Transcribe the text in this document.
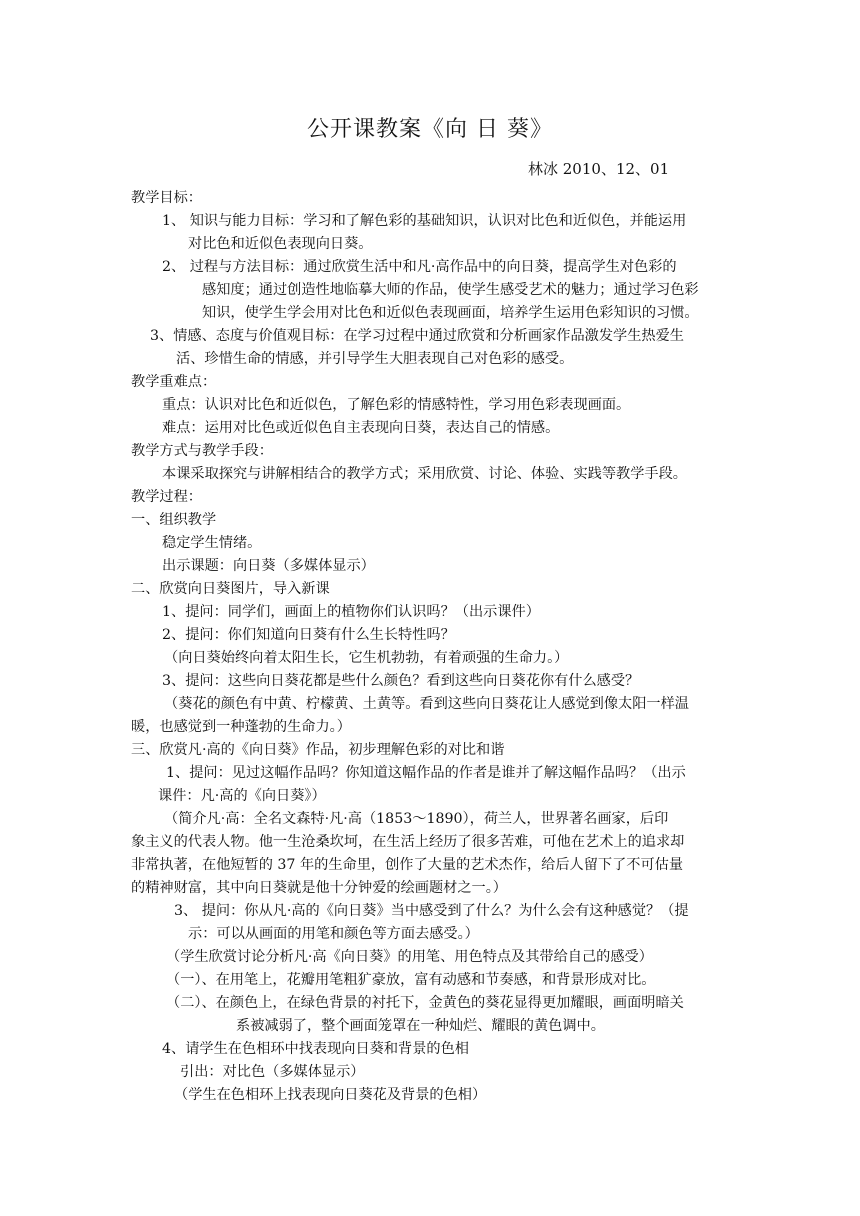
公开课教案《向 日 葵》
林冰 2010、12、01
教学目标：
1、 知识与能力目标：学习和了解色彩的基础知识，认识对比色和近似色，并能运用
对比色和近似色表现向日葵。
2、 过程与方法目标：通过欣赏生活中和凡·高作品中的向日葵，提高学生对色彩的
感知度；通过创造性地临摹大师的作品，使学生感受艺术的魅力；通过学习色彩
知识，使学生学会用对比色和近似色表现画面，培养学生运用色彩知识的习惯。
3、情感、态度与价值观目标：在学习过程中通过欣赏和分析画家作品激发学生热爱生
活、珍惜生命的情感，并引导学生大胆表现自己对色彩的感受。
教学重难点：
重点：认识对比色和近似色，了解色彩的情感特性，学习用色彩表现画面。
难点：运用对比色或近似色自主表现向日葵，表达自己的情感。
教学方式与教学手段：
本课采取探究与讲解相结合的教学方式；采用欣赏、讨论、体验、实践等教学手段。
教学过程：
一、组织教学
稳定学生情绪。
出示课题：向日葵（多媒体显示）
二、欣赏向日葵图片，导入新课
1、提问：同学们，画面上的植物你们认识吗？（出示课件）
2、提问：你们知道向日葵有什么生长特性吗？
（向日葵始终向着太阳生长，它生机勃勃，有着顽强的生命力。）
3、提问：这些向日葵花都是些什么颜色？看到这些向日葵花你有什么感受？
（葵花的颜色有中黄、柠檬黄、土黄等。看到这些向日葵花让人感觉到像太阳一样温
暖，也感觉到一种蓬勃的生命力。）
三、欣赏凡·高的《向日葵》作品，初步理解色彩的对比和谐
1、提问：见过这幅作品吗？你知道这幅作品的作者是谁并了解这幅作品吗？（出示
课件：凡·高的《向日葵》）
（简介凡·高：全名文森特·凡·高（1853～1890），荷兰人，世界著名画家，后印
象主义的代表人物。他一生沧桑坎坷，在生活上经历了很多苦难，可他在艺术上的追求却
非常执著，在他短暂的 37 年的生命里，创作了大量的艺术杰作，给后人留下了不可估量
的精神财富，其中向日葵就是他十分钟爱的绘画题材之一。）
3、 提问：你从凡·高的《向日葵》当中感受到了什么？为什么会有这种感觉？（提
示：可以从画面的用笔和颜色等方面去感受。）
（学生欣赏讨论分析凡·高《向日葵》的用笔、用色特点及其带给自己的感受）
（一）、在用笔上，花瓣用笔粗犷豪放，富有动感和节奏感，和背景形成对比。
（二）、在颜色上，在绿色背景的衬托下，金黄色的葵花显得更加耀眼，画面明暗关
系被减弱了，整个画面笼罩在一种灿烂、耀眼的黄色调中。
4、请学生在色相环中找表现向日葵和背景的色相
引出：对比色（多媒体显示）
（学生在色相环上找表现向日葵花及背景的色相）
